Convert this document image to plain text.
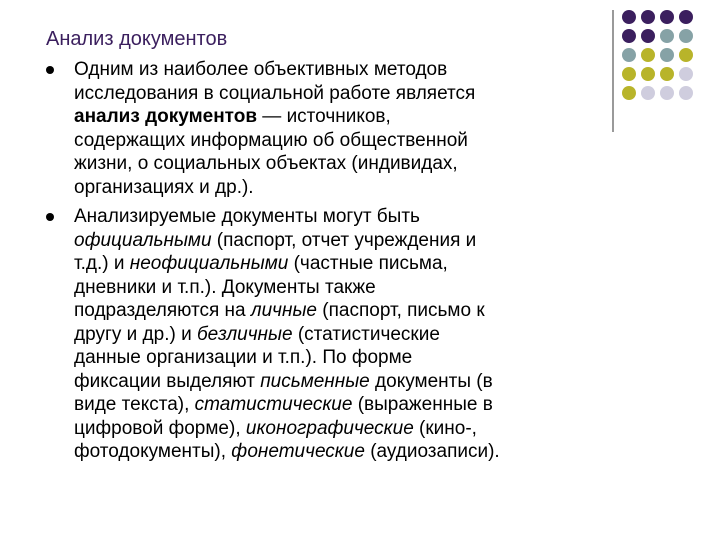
Анализ документов
Одним из наиболее объективных методов
исследования в социальной работе является
анализ документов — источников,
содержащих информацию об общественной
жизни, о социальных объектах (индивидах,
организациях и др.).
Анализируемые документы могут быть
официальными (паспорт, отчет учреждения и
т.д.) и неофициальными (частные письма,
дневники и т.п.). Документы также
подразделяются на личные (паспорт, письмо к
другу и др.) и безличные (статистические
данные организации и т.п.). По форме
фиксации выделяют письменные документы (в
виде текста), статистические (выраженные в
цифровой форме), иконографические (кино-,
фотодокументы), фонетические (аудиозаписи).
